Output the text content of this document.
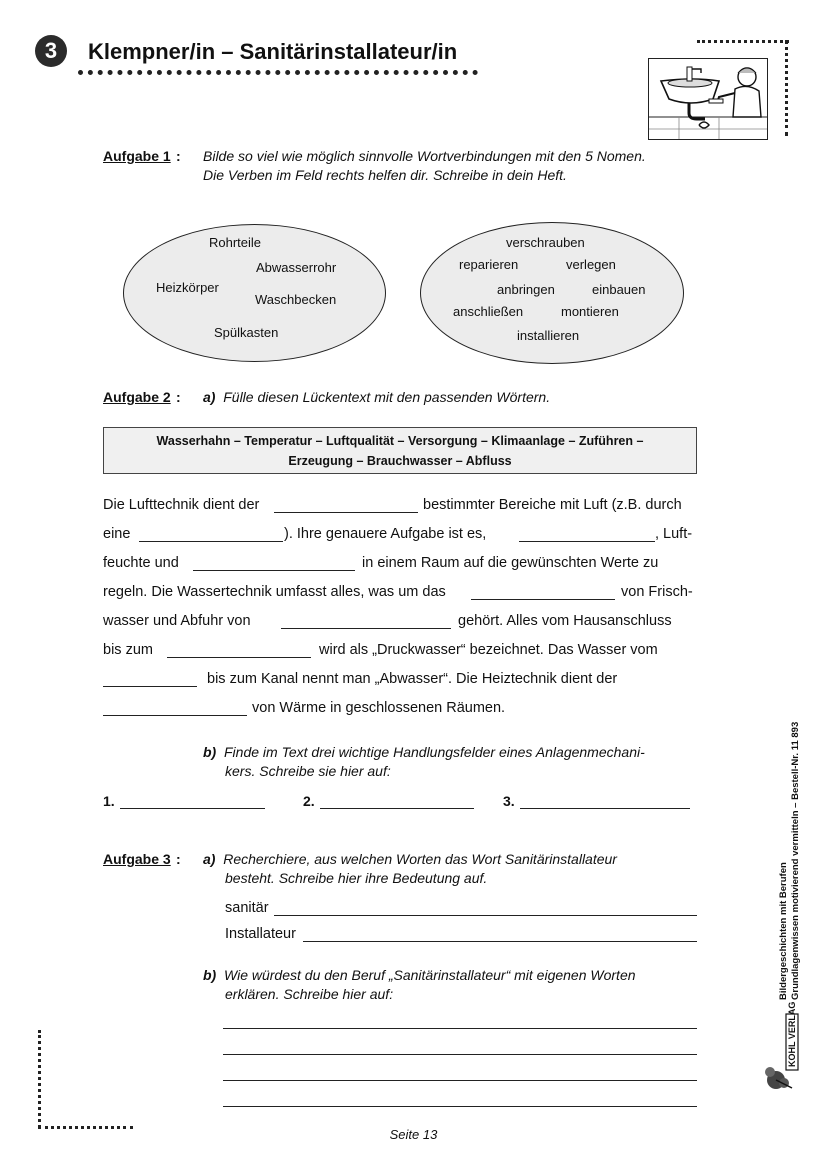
3	Klempner/in – Sanitärinstallateur/in
Aufgabe 1 : Bilde so viel wie möglich sinnvolle Wortverbindungen mit den 5 Nomen.
Die Verben im Feld rechts helfen dir. Schreibe in dein Heft.
Rohrteile
Abwasserrohr
Heizkörper
Waschbecken
Spülkasten
verschrauben
reparieren	verlegen
anbringen	einbauen
anschließen	montieren
installieren
Aufgabe 2 : a) Fülle diesen Lückentext mit den passenden Wörtern.
Wasserhahn – Temperatur – Luftqualität – Versorgung – Klimaanlage – Zuführen –
Erzeugung – Brauchwasser – Abfluss
Die Lufttechnik dient der	bestimmter Bereiche mit Luft (z.B. durch
eine	). Ihre genauere Aufgabe ist es,	, Luft-
feuchte und	in einem Raum auf die gewünschten Werte zu
regeln. Die Wassertechnik umfasst alles, was um das	von Frisch-
wasser und Abfuhr von	gehört. Alles vom Hausanschluss
bis zum	wird als „Druckwasser“ bezeichnet. Das Wasser vom
bis zum Kanal nennt man „Abwasser“. Die Heiztechnik dient der
von Wärme in geschlossenen Räumen.
b) Finde im Text drei wichtige Handlungsfelder eines Anlagenmechani-
kers. Schreibe sie hier auf:
1.	2.	3.
Aufgabe 3 : a) Recherchiere, aus welchen Worten das Wort Sanitärinstallateur
besteht. Schreibe hier ihre Bedeutung auf.
sanitär
Installateur
b) Wie würdest du den Beruf „Sanitärinstallateur“ mit eigenen Worten
erklären. Schreibe hier auf:	Bildergeschichten mit Berufen Grundlagenwissen motivierend vermitteln – Bestell-Nr. 11 893
KOHL VERLAG
Seite 13
